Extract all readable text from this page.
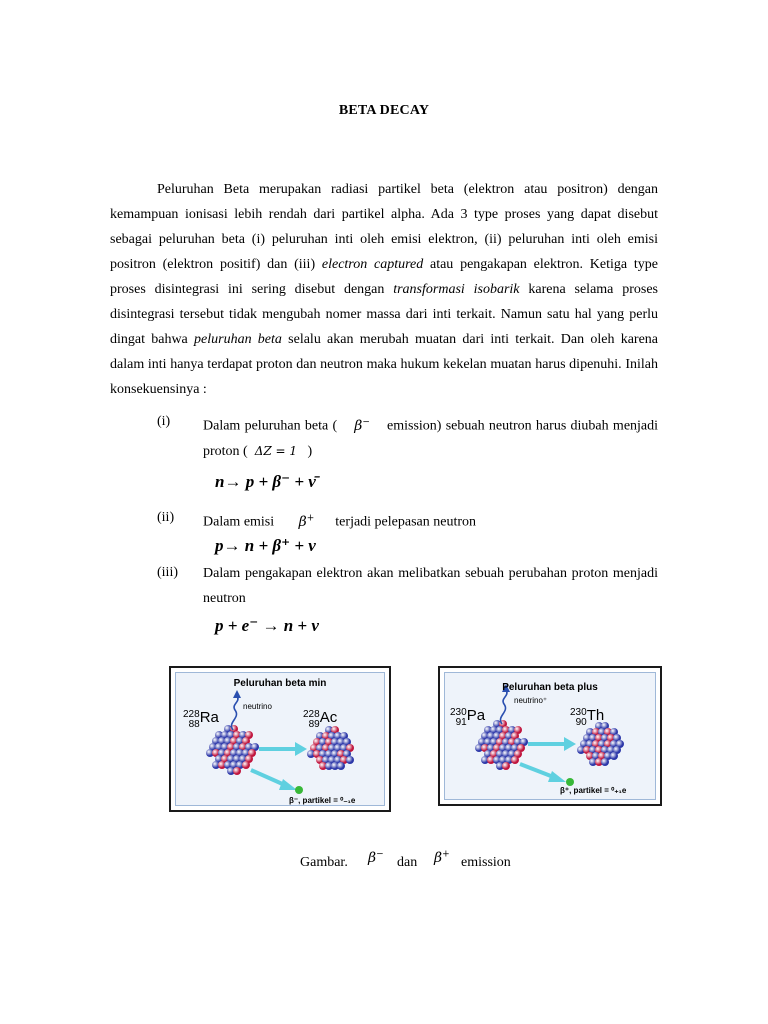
BETA DECAY
Peluruhan Beta merupakan radiasi partikel beta (elektron atau positron) dengan kemampuan ionisasi lebih rendah dari partikel alpha. Ada 3 type proses yang dapat disebut sebagai peluruhan beta (i) peluruhan inti oleh emisi elektron, (ii) peluruhan inti oleh emisi positron (elektron positif) dan (iii) electron captured atau pengakapan elektron. Ketiga type proses disintegrasi ini sering disebut dengan transformasi isobarik karena selama proses disintegrasi tersebut tidak mengubah nomer massa dari inti terkait. Namun satu hal yang perlu dingat bahwa peluruhan beta selalu akan merubah muatan dari inti terkait. Dan oleh karena dalam inti hanya terdapat proton dan neutron maka hukum kekelan muatan harus dipenuhi. Inilah konsekuensinya :
(i) Dalam peluruhan beta ( β− emission) sebuah neutron harus diubah menjadi proton ( ΔZ = 1 )
n→ p + β⁻ + ν̄
(ii) Dalam emisi β+ terjadi pelepasan neutron
p→ n + β⁺ + ν
(iii) Dalam pengakapan elektron akan melibatkan sebuah perubahan proton menjadi neutron
p + e⁻ → n + ν
Peluruhan beta min
neutrino
228
88 Ra	228
89 Ac
β⁻, partikel = ⁰₋₁e
Peluruhan beta plus
neutrino⁺
230
91 Pa	230
90 Th
β⁺, partikel = ⁰₊₁e
Gambar. β−
dan β+
emission
